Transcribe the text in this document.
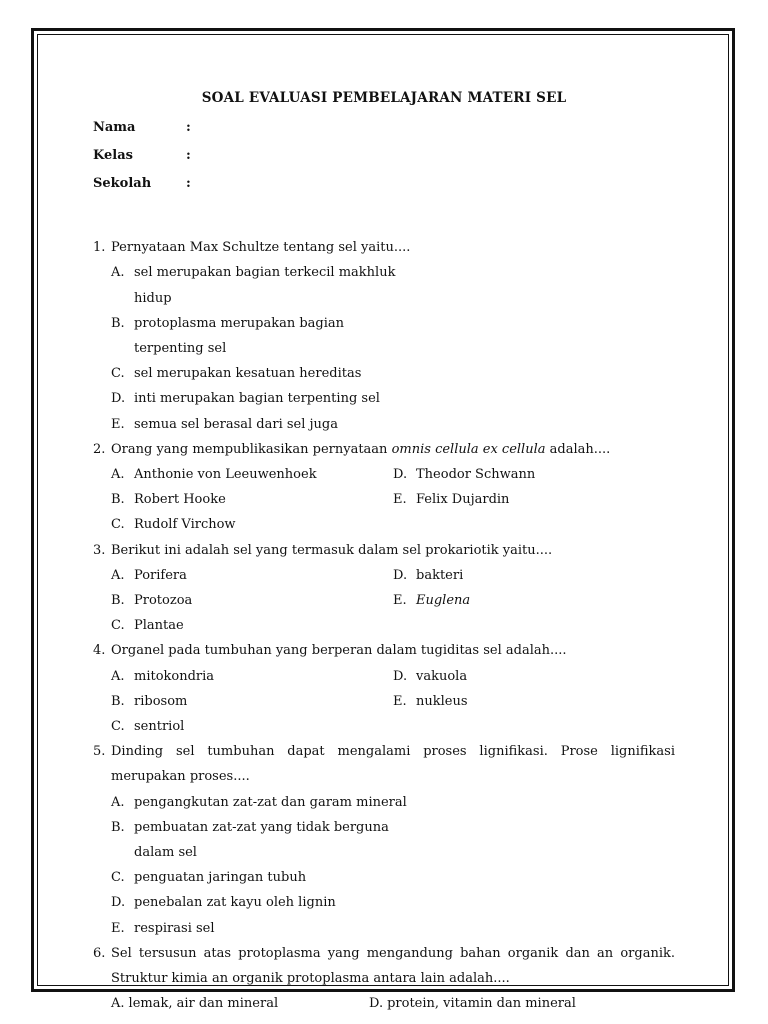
SOAL EVALUASI PEMBELAJARAN MATERI SEL
Nama	:
Kelas	:
Sekolah	:
1. Pernyataan Max Schultze tentang sel yaitu....
A. sel merupakan bagian terkecil makhluk hidup
B. protoplasma merupakan bagian terpenting sel
C. sel merupakan kesatuan hereditas
D. inti merupakan bagian terpenting sel
E. semua sel berasal dari sel juga
2. Orang yang mempublikasikan pernyataan omnis cellula ex cellula adalah....
A. Anthonie von Leeuwenhoek	D. Theodor Schwann
B. Robert Hooke	E. Felix Dujardin
C. Rudolf Virchow
3. Berikut ini adalah sel yang termasuk dalam sel prokariotik yaitu....
A. Porifera	D. bakteri
B. Protozoa	E. Euglena
C. Plantae
4. Organel pada tumbuhan yang berperan dalam tugiditas sel adalah....
A. mitokondria	D. vakuola
B. ribosom	E. nukleus
C. sentriol
5. Dinding sel tumbuhan dapat mengalami proses lignifikasi. Prose lignifikasi merupakan proses....
A. pengangkutan zat-zat dan garam mineral
B. pembuatan zat-zat yang tidak berguna dalam sel
C. penguatan jaringan tubuh
D. penebalan zat kayu oleh lignin
E. respirasi sel
6. Sel tersusun atas protoplasma yang mengandung bahan organik dan an organik. Struktur kimia an organik protoplasma antara lain adalah....
A. lemak, air dan mineral	D. protein, vitamin dan mineral
